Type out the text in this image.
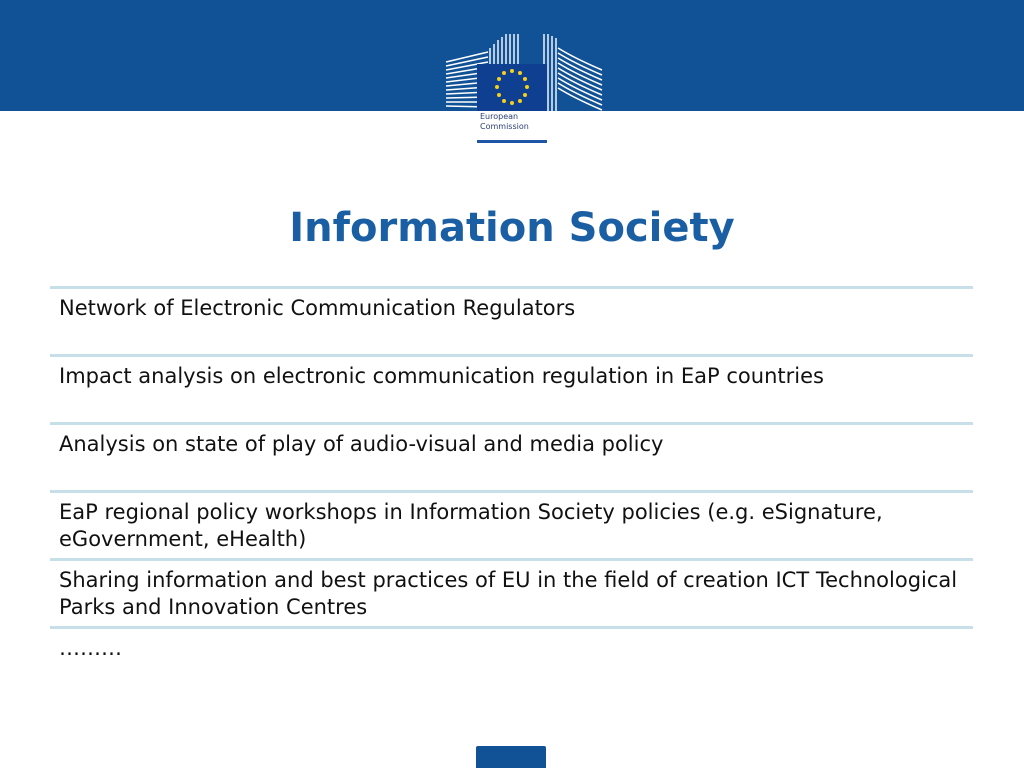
European
Commission
Information Society
Network of Electronic Communication Regulators
Impact analysis on electronic communication regulation in EaP countries
Analysis on state of play of audio-visual and media policy
EaP regional policy workshops in Information Society policies (e.g. eSignature, eGovernment, eHealth)
Sharing information and best practices of EU in the field of creation ICT Technological Parks and Innovation Centres
………
